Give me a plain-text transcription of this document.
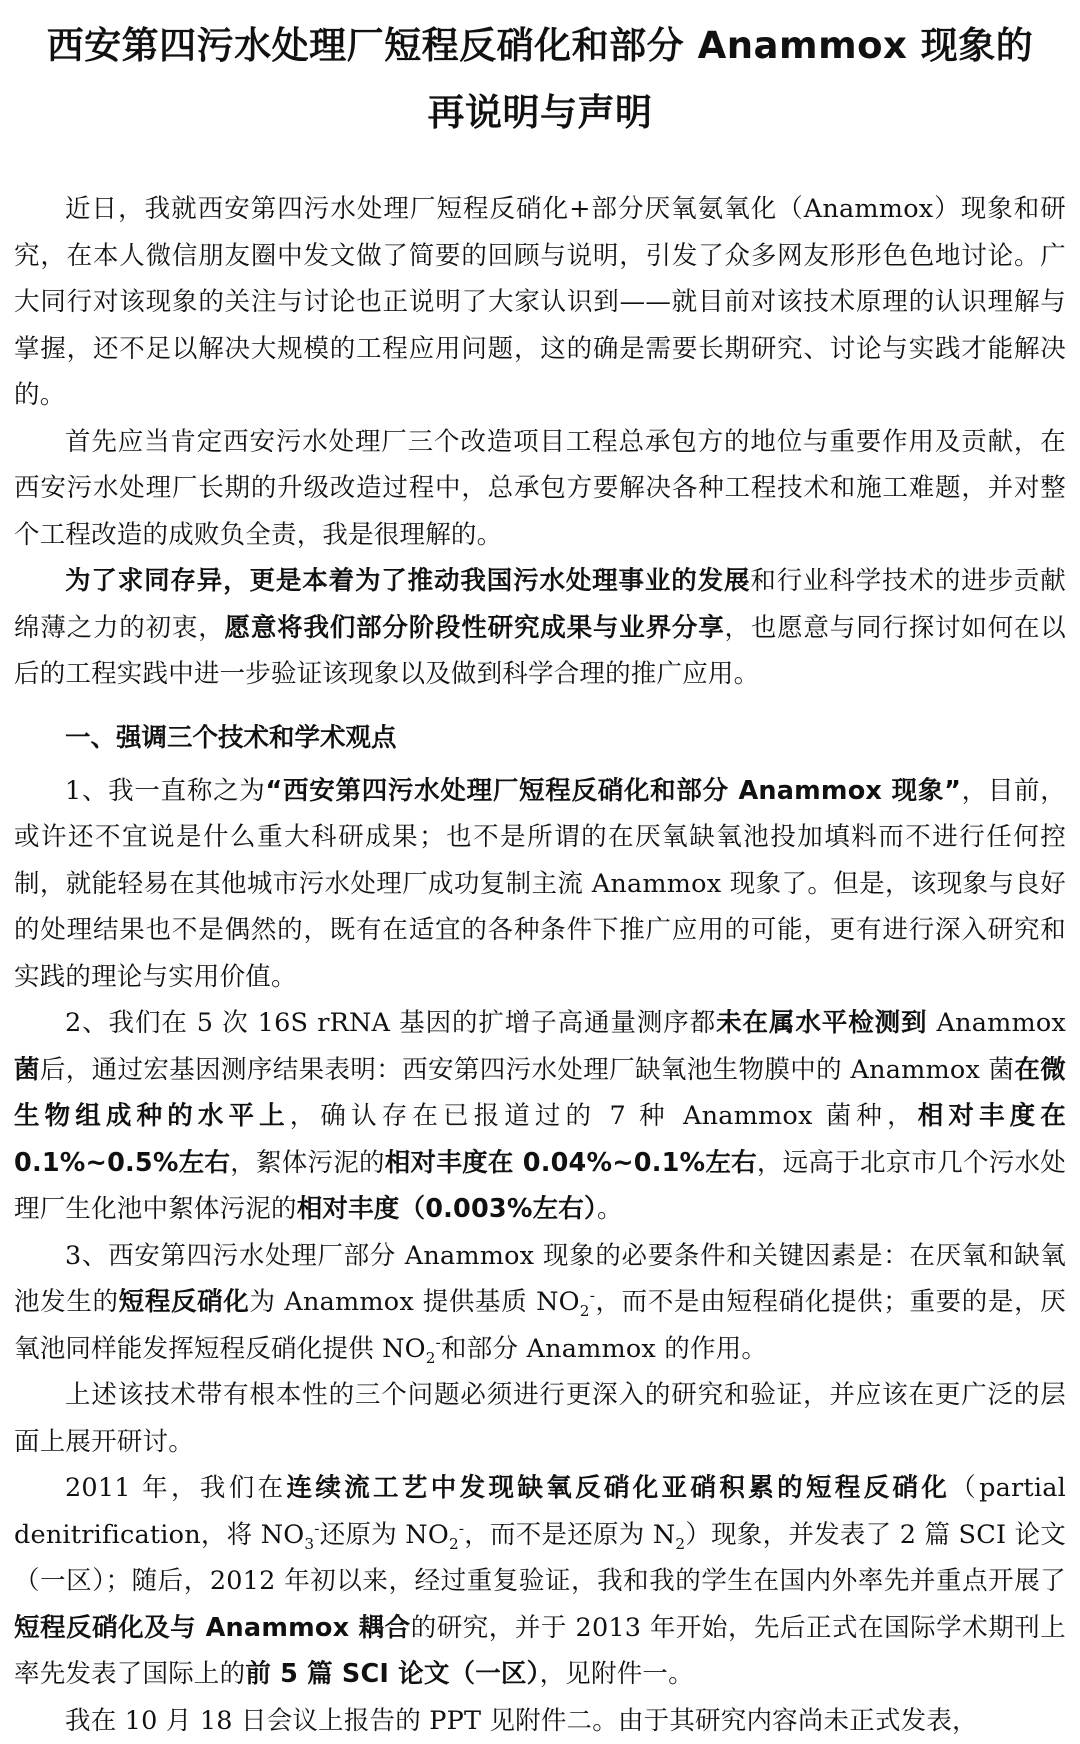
西安第四污水处理厂短程反硝化和部分 Anammox 现象的
再说明与声明

近日，我就西安第四污水处理厂短程反硝化+部分厌氧氨氧化（Anammox）现象和研究，在本人微信朋友圈中发文做了简要的回顾与说明，引发了众多网友形形色色地讨论。广大同行对该现象的关注与讨论也正说明了大家认识到——就目前对该技术原理的认识理解与掌握，还不足以解决大规模的工程应用问题，这的确是需要长期研究、讨论与实践才能解决的。

首先应当肯定西安污水处理厂三个改造项目工程总承包方的地位与重要作用及贡献，在西安污水处理厂长期的升级改造过程中，总承包方要解决各种工程技术和施工难题，并对整个工程改造的成败负全责，我是很理解的。

为了求同存异，更是本着为了推动我国污水处理事业的发展和行业科学技术的进步贡献绵薄之力的初衷，愿意将我们部分阶段性研究成果与业界分享，也愿意与同行探讨如何在以后的工程实践中进一步验证该现象以及做到科学合理的推广应用。

一、强调三个技术和学术观点

1、我一直称之为“西安第四污水处理厂短程反硝化和部分 Anammox 现象”，目前，或许还不宜说是什么重大科研成果；也不是所谓的在厌氧缺氧池投加填料而不进行任何控制，就能轻易在其他城市污水处理厂成功复制主流 Anammox 现象了。但是，该现象与良好的处理结果也不是偶然的，既有在适宜的各种条件下推广应用的可能，更有进行深入研究和实践的理论与实用价值。

2、我们在 5 次 16S rRNA 基因的扩增子高通量测序都未在属水平检测到 Anammox 菌后，通过宏基因测序结果表明：西安第四污水处理厂缺氧池生物膜中的 Anammox 菌在微生物组成种的水平上，确认存在已报道过的 7 种 Anammox 菌种，相对丰度在 0.1%~0.5%左右，絮体污泥的相对丰度在 0.04%~0.1%左右，远高于北京市几个污水处理厂生化池中絮体污泥的相对丰度（0.003%左右）。

3、西安第四污水处理厂部分 Anammox 现象的必要条件和关键因素是：在厌氧和缺氧池发生的短程反硝化为 Anammox 提供基质 $NO_2^-$，而不是由短程硝化提供；重要的是，厌氧池同样能发挥短程反硝化提供 $NO_2^-$和部分 Anammox 的作用。

上述该技术带有根本性的三个问题必须进行更深入的研究和验证，并应该在更广泛的层面上展开研讨。

2011 年，我们在连续流工艺中发现缺氧反硝化亚硝积累的短程反硝化（partial denitrification，将 $NO_3^-$还原为 $NO_2^-$，而不是还原为 $N_2$）现象，并发表了 2 篇 SCI 论文（一区）；随后，2012 年初以来，经过重复验证，我和我的学生在国内外率先并重点开展了短程反硝化及与 Anammox 耦合的研究，并于 2013 年开始，先后正式在国际学术期刊上率先发表了国际上的前 5 篇 SCI 论文（一区），见附件一。

我在 10 月 18 日会议上报告的 PPT 见附件二。由于其研究内容尚未正式发表，
